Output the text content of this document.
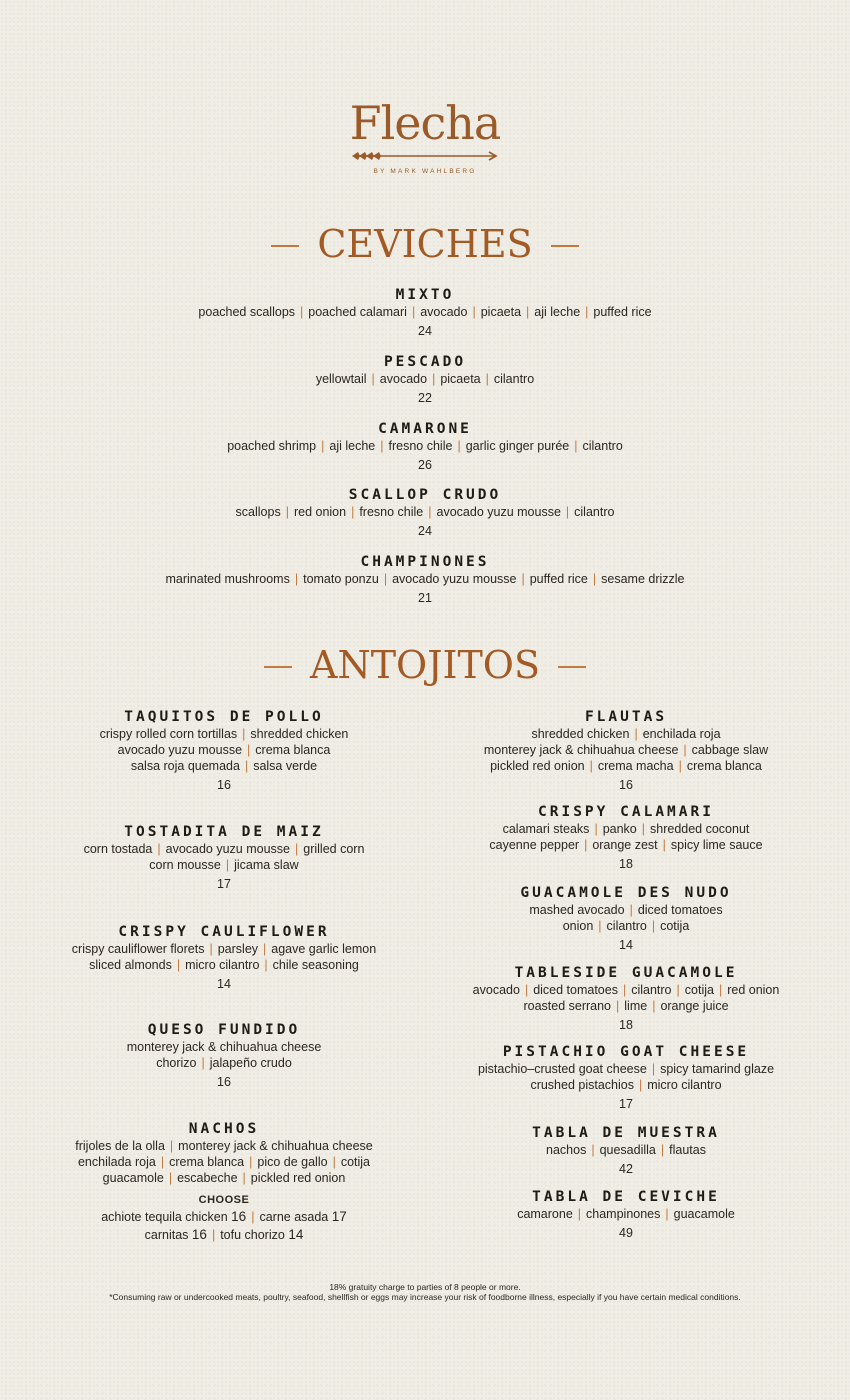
Flecha
BY MARK WAHLBERG
CEVICHES
MIXTO
poached scallops | poached calamari | avocado | picaeta | aji leche | puffed rice
24
PESCADO
yellowtail | avocado | picaeta | cilantro
22
CAMARONE
poached shrimp | aji leche | fresno chile | garlic ginger purée | cilantro
26
SCALLOP CRUDO
scallops | red onion | fresno chile | avocado yuzu mousse | cilantro
24
CHAMPINONES
marinated mushrooms | tomato ponzu | avocado yuzu mousse | puffed rice | sesame drizzle
21
ANTOJITOS
TAQUITOS DE POLLO
crispy rolled corn tortillas | shredded chicken
avocado yuzu mousse | crema blanca
salsa roja quemada | salsa verde
16
TOSTADITA DE MAIZ
corn tostada | avocado yuzu mousse | grilled corn
corn mousse | jicama slaw
17
CRISPY CAULIFLOWER
crispy cauliflower florets | parsley | agave garlic lemon
sliced almonds | micro cilantro | chile seasoning
14
QUESO FUNDIDO
monterey jack & chihuahua cheese
chorizo | jalapeño crudo
16
NACHOS
frijoles de la olla | monterey jack & chihuahua cheese
enchilada roja | crema blanca | pico de gallo | cotija
guacamole | escabeche | pickled red onion
CHOOSE
achiote tequila chicken 16 | carne asada 17
carnitas 16 | tofu chorizo 14
FLAUTAS
shredded chicken | enchilada roja
monterey jack & chihuahua cheese | cabbage slaw
pickled red onion | crema macha | crema blanca
16
CRISPY CALAMARI
calamari steaks | panko | shredded coconut
cayenne pepper | orange zest | spicy lime sauce
18
GUACAMOLE DES NUDO
mashed avocado | diced tomatoes
onion | cilantro | cotija
14
TABLESIDE GUACAMOLE
avocado | diced tomatoes | cilantro | cotija | red onion
roasted serrano | lime | orange juice
18
PISTACHIO GOAT CHEESE
pistachio–crusted goat cheese | spicy tamarind glaze
crushed pistachios | micro cilantro
17
TABLA DE MUESTRA
nachos | quesadilla | flautas
42
TABLA DE CEVICHE
camarone | champinones | guacamole
49
18% gratuity charge to parties of 8 people or more.
*Consuming raw or undercooked meats, poultry, seafood, shellfish or eggs may increase your risk of foodborne illness, especially if you have certain medical conditions.
